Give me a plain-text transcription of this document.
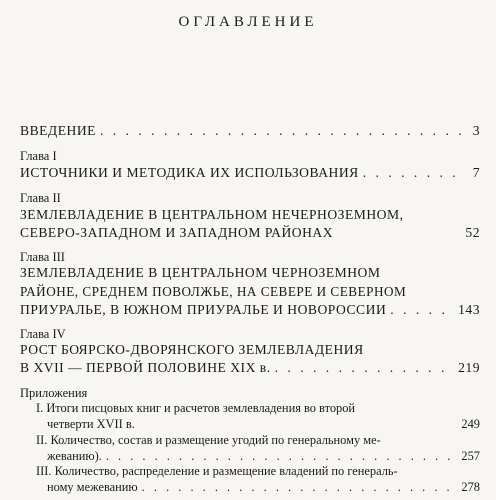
ОГЛАВЛЕНИЕ
ВВЕДЕНИЕ . . .	3
Глава I
ИСТОЧНИКИ И МЕТОДИКА ИХ ИСПОЛЬЗОВАНИЯ . . .	7
Глава II
ЗЕМЛЕВЛАДЕНИЕ В ЦЕНТРАЛЬНОМ НЕЧЕРНОЗЕМНОМ,
СЕВЕРО-ЗАПАДНОМ И ЗАПАДНОМ РАЙОНАХ	52
Глава III
ЗЕМЛЕВЛАДЕНИЕ В ЦЕНТРАЛЬНОМ ЧЕРНОЗЕМНОМ
РАЙОНЕ, СРЕДНЕМ ПОВОЛЖЬЕ, НА СЕВЕРЕ И СЕВЕРНОМ
ПРИУРАЛЬЕ, В ЮЖНОМ ПРИУРАЛЬЕ И НОВОРОССИИ . . .	143
Глава IV
РОСТ БОЯРСКО-ДВОРЯНСКОГО ЗЕМЛЕВЛАДЕНИЯ
В XVII — ПЕРВОЙ ПОЛОВИНЕ XIX в. . . .	219
Приложения
I. Итоги писцовых книг и расчетов землевладения во второй
четверти XVII в.	249
II. Количество, состав и размещение угодий по генеральному ме-
жеванию). . . .	257
III. Количество, распределение и размещение владений по генераль-
ному межеванию . . .	278
